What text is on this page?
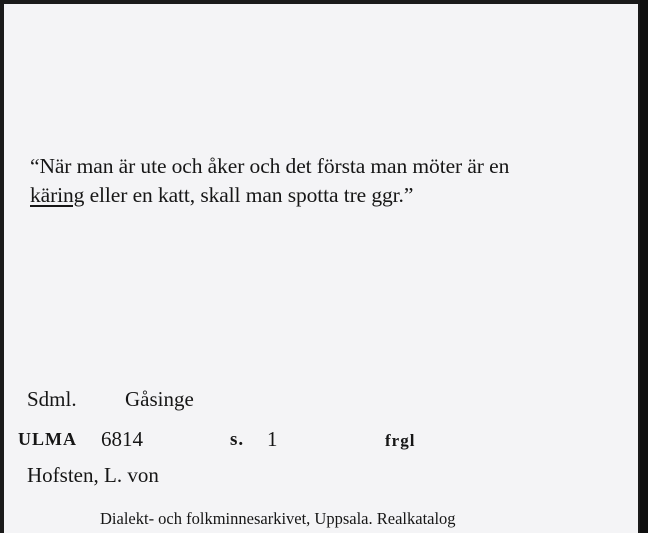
“När man är ute och åker och det första man möter är en
käring eller en katt, skall man spotta tre ggr.”
Sdml. Gåsinge
ULMA 6814	s. 1	frgl
Hofsten, L. von
Dialekt- och folkminnesarkivet, Uppsala. Realkatalog
